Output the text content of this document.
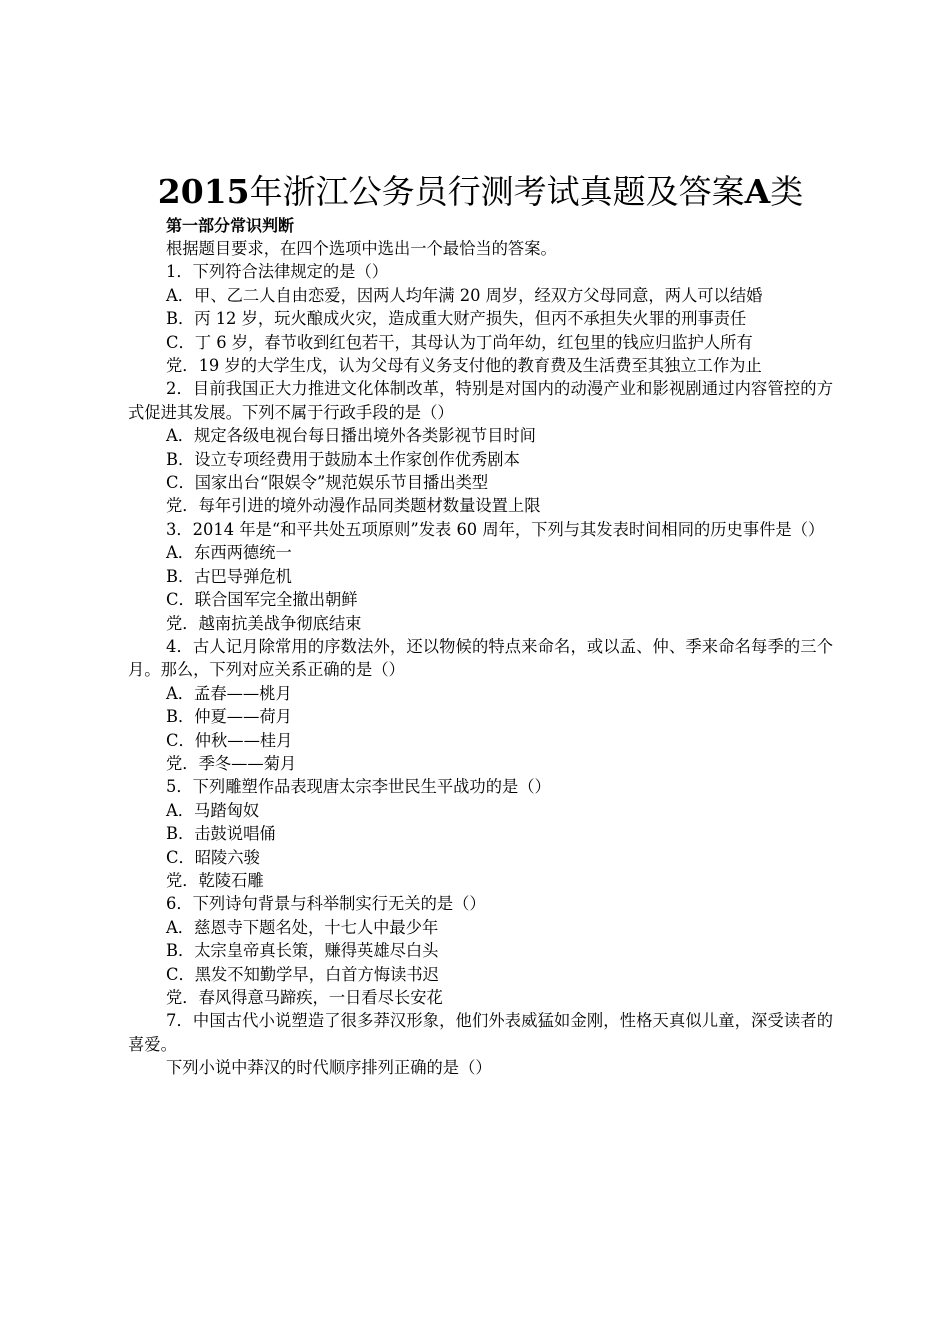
2015年浙江公务员行测考试真题及答案A类

第一部分常识判断

根据题目要求，在四个选项中选出一个最恰当的答案。

1．下列符合法律规定的是（）

A．甲、乙二人自由恋爱，因两人均年满 20 周岁，经双方父母同意，两人可以结婚

B．丙 12 岁，玩火酿成火灾，造成重大财产损失，但丙不承担失火罪的刑事责任

C．丁 6 岁，春节收到红包若干，其母认为丁尚年幼，红包里的钱应归监护人所有

党．19 岁的大学生戊，认为父母有义务支付他的教育费及生活费至其独立工作为止

2．目前我国正大力推进文化体制改革，特别是对国内的动漫产业和影视剧通过内容管控的方式促进其发展。下列不属于行政手段的是（）

A．规定各级电视台每日播出境外各类影视节目时间

B．设立专项经费用于鼓励本土作家创作优秀剧本

C．国家出台“限娱令”规范娱乐节目播出类型

党．每年引进的境外动漫作品同类题材数量设置上限

3．2014 年是“和平共处五项原则”发表 60 周年，下列与其发表时间相同的历史事件是（）

A．东西两德统一

B．古巴导弹危机

C．联合国军完全撤出朝鲜

党．越南抗美战争彻底结束

4．古人记月除常用的序数法外，还以物候的特点来命名，或以孟、仲、季来命名每季的三个月。那么，下列对应关系正确的是（）

A．孟春——桃月

B．仲夏——荷月

C．仲秋——桂月

党．季冬——菊月

5．下列雕塑作品表现唐太宗李世民生平战功的是（）

A．马踏匈奴

B．击鼓说唱俑

C．昭陵六骏

党．乾陵石雕

6．下列诗句背景与科举制实行无关的是（）

A．慈恩寺下题名处，十七人中最少年

B．太宗皇帝真长策，赚得英雄尽白头

C．黑发不知勤学早，白首方悔读书迟

党．春风得意马蹄疾，一日看尽长安花

7．中国古代小说塑造了很多莽汉形象，他们外表威猛如金刚，性格天真似儿童，深受读者的喜爱。

下列小说中莽汉的时代顺序排列正确的是（）
